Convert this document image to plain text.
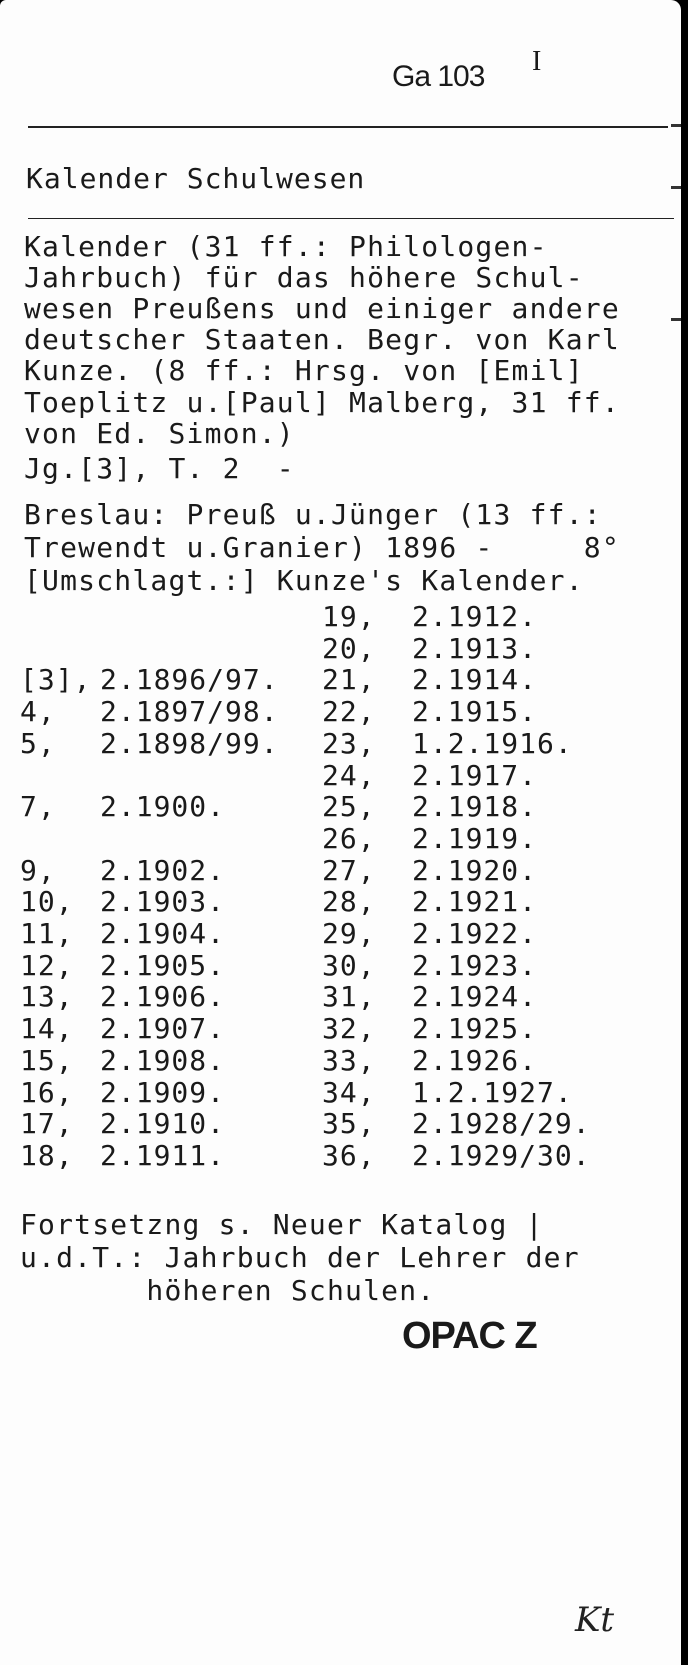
Ga 103 I
Kalender Schulwesen
Kalender (31 ff.: Philologen-
Jahrbuch) für das höhere Schul-
wesen Preußens und einiger andere
deutscher Staaten. Begr. von Karl
Kunze. (8 ff.: Hrsg. von [Emil]
Toeplitz u.[Paul] Malberg, 31 ff.
von Ed. Simon.)
Jg.[3], T. 2  -
Breslau: Preuß u.Jünger (13 ff.:
Trewendt u.Granier) 1896 -     8°
[Umschlagt.:] Kunze's Kalender.
[3], 2.1896/97.
4, 2.1897/98.
5, 2.1898/99.
7, 2.1900.
9, 2.1902.
10, 2.1903.
11, 2.1904.
12, 2.1905.
13, 2.1906.
14, 2.1907.
15, 2.1908.
16, 2.1909.
17, 2.1910.
18, 2.1911.
19, 2.1912.
20, 2.1913.
21, 2.1914.
22, 2.1915.
23, 1.2.1916.
24, 2.1917.
25, 2.1918.
26, 2.1919.
27, 2.1920.
28, 2.1921.
29, 2.1922.
30, 2.1923.
31, 2.1924.
32, 2.1925.
33, 2.1926.
34, 1.2.1927.
35, 2.1928/29.
36, 2.1929/30.
Fortsetzng s. Neuer Katalog |
u.d.T.: Jahrbuch der Lehrer der
höheren Schulen.
OPAC Z
Kt
